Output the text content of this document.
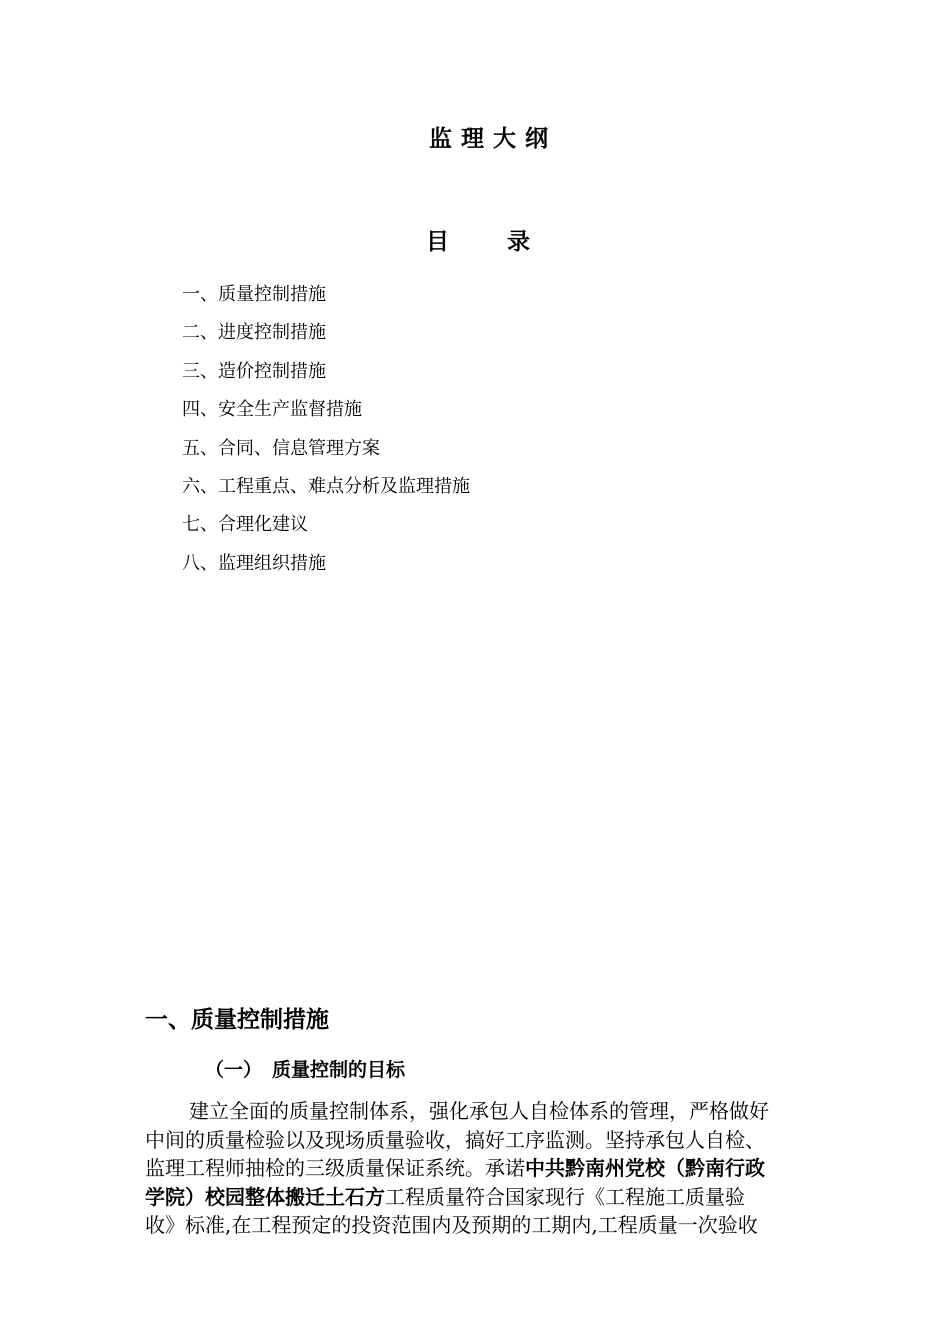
监理大纲
目	录
一、质量控制措施
二、进度控制措施
三、造价控制措施
四、安全生产监督措施
五、合同、信息管理方案
六、工程重点、难点分析及监理措施
七、合理化建议
八、监理组织措施
一、质量控制措施
（一） 质量控制的目标
建立全面的质量控制体系，强化承包人自检体系的管理，严格做好
中间的质量检验以及现场质量验收，搞好工序监测。坚持承包人自检、
监理工程师抽检的三级质量保证系统。承诺中共黔南州党校（黔南行政
学院）校园整体搬迁土石方工程质量符合国家现行《工程施工质量验
收》标准,在工程预定的投资范围内及预期的工期内,工程质量一次验收
